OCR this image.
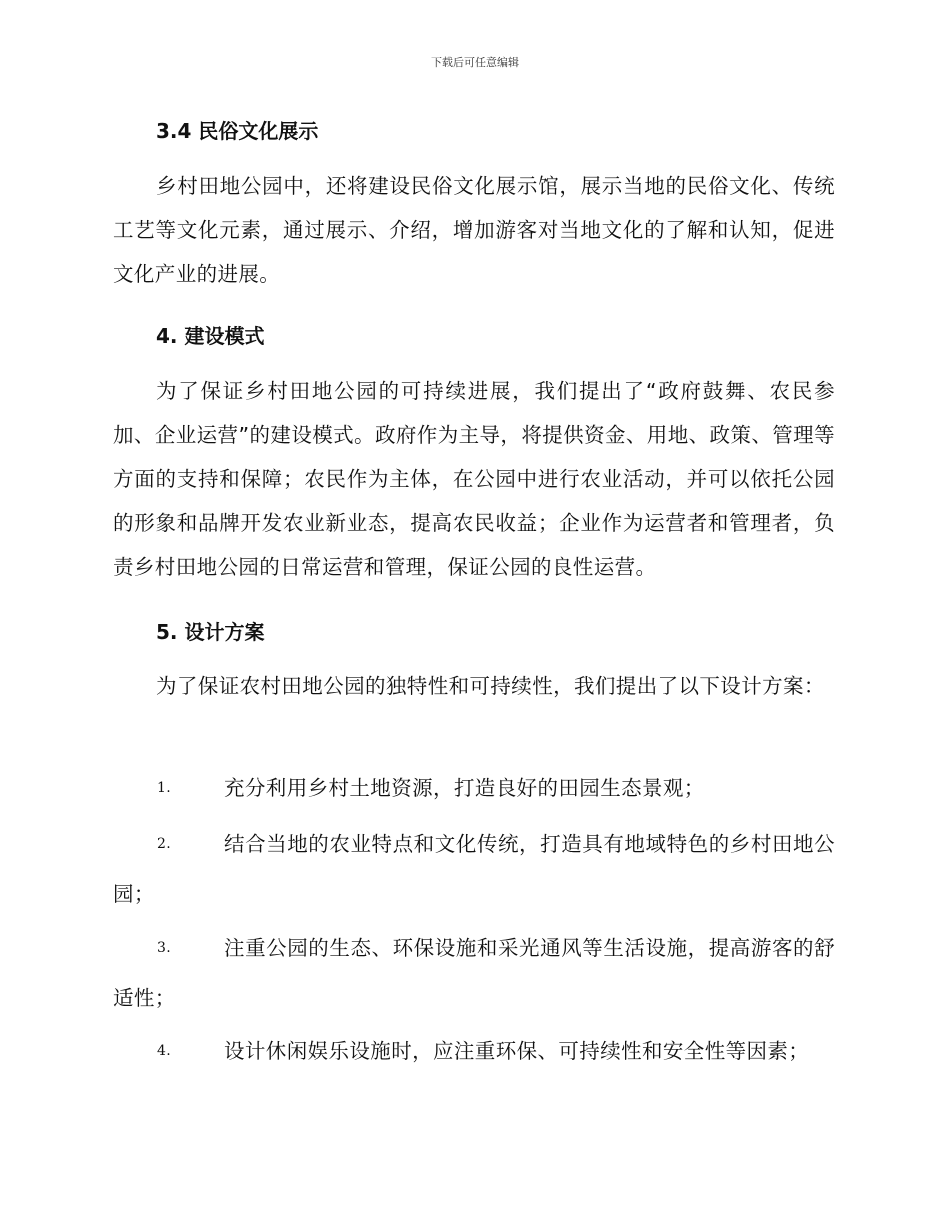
下载后可任意编辑
3.4 民俗文化展示
乡村田地公园中，还将建设民俗文化展示馆，展示当地的民俗文化、传统工艺等文化元素，通过展示、介绍，增加游客对当地文化的了解和认知，促进文化产业的进展。
4. 建设模式
为了保证乡村田地公园的可持续进展，我们提出了“政府鼓舞、农民参加、企业运营”的建设模式。政府作为主导，将提供资金、用地、政策、管理等方面的支持和保障；农民作为主体，在公园中进行农业活动，并可以依托公园的形象和品牌开发农业新业态，提高农民收益；企业作为运营者和管理者，负责乡村田地公园的日常运营和管理，保证公园的良性运营。
5. 设计方案
为了保证农村田地公园的独特性和可持续性，我们提出了以下设计方案：
1.	充分利用乡村土地资源，打造良好的田园生态景观；
2.	结合当地的农业特点和文化传统，打造具有地域特色的乡村田地公园；
3.	注重公园的生态、环保设施和采光通风等生活设施，提高游客的舒适性；
4.	设计休闲娱乐设施时，应注重环保、可持续性和安全性等因素；
